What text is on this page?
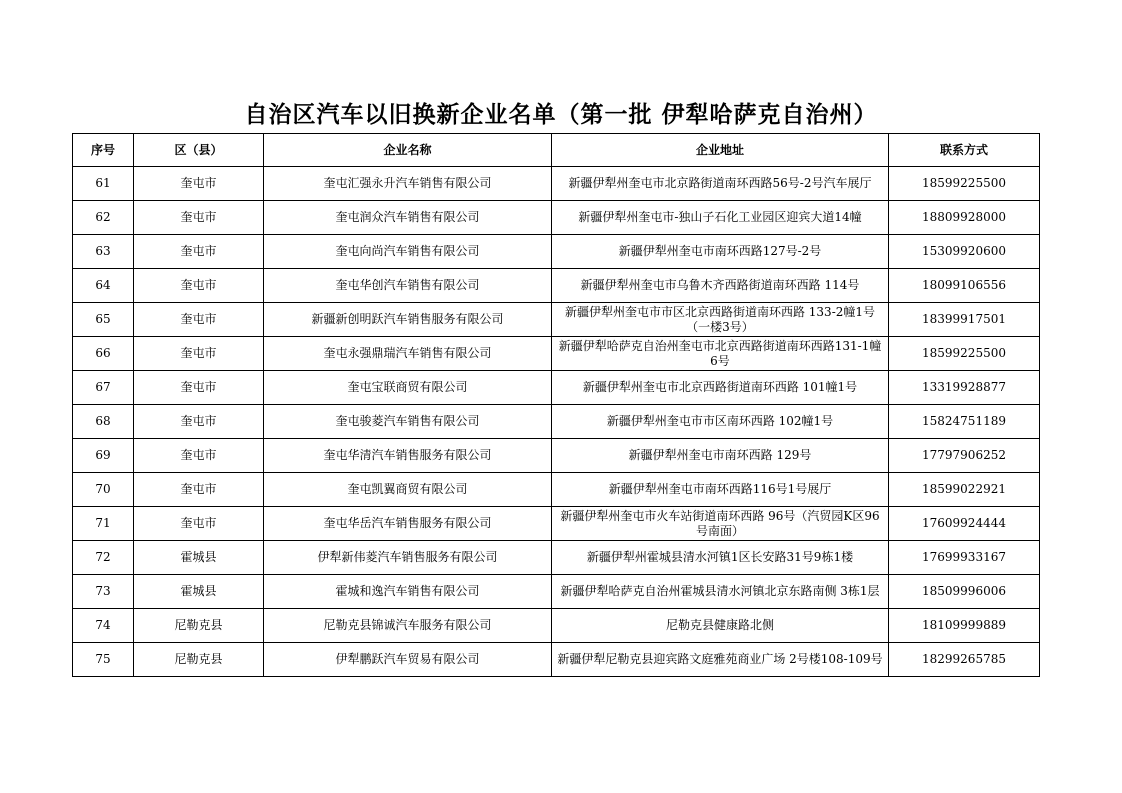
自治区汽车以旧换新企业名单（第一批 伊犁哈萨克自治州）
序号	区（县）	企业名称	企业地址	联系方式
61	奎屯市	奎屯汇强永升汽车销售有限公司	新疆伊犁州奎屯市北京路街道南环西路56号-2号汽车展厅	18599225500
62	奎屯市	奎屯润众汽车销售有限公司	新疆伊犁州奎屯市-独山子石化工业园区迎宾大道14幢	18809928000
63	奎屯市	奎屯向尚汽车销售有限公司	新疆伊犁州奎屯市南环西路127号-2号	15309920600
64	奎屯市	奎屯华创汽车销售有限公司	新疆伊犁州奎屯市乌鲁木齐西路街道南环西路 114号	18099106556
65	奎屯市	新疆新创明跃汽车销售服务有限公司	新疆伊犁州奎屯市市区北京西路街道南环西路 133-2幢1号（一楼3号）	18399917501
66	奎屯市	奎屯永强鼎瑞汽车销售有限公司	新疆伊犁哈萨克自治州奎屯市北京西路街道南环西路131-1幢6号	18599225500
67	奎屯市	奎屯宝联商贸有限公司	新疆伊犁州奎屯市北京西路街道南环西路 101幢1号	13319928877
68	奎屯市	奎屯骏菱汽车销售有限公司	新疆伊犁州奎屯市市区南环西路 102幢1号	15824751189
69	奎屯市	奎屯华清汽车销售服务有限公司	新疆伊犁州奎屯市南环西路 129号	17797906252
70	奎屯市	奎屯凯翼商贸有限公司	新疆伊犁州奎屯市南环西路116号1号展厅	18599022921
71	奎屯市	奎屯华岳汽车销售服务有限公司	新疆伊犁州奎屯市火车站街道南环西路 96号（汽贸园K区96号南面）	17609924444
72	霍城县	伊犁新伟菱汽车销售服务有限公司	新疆伊犁州霍城县清水河镇1区长安路31号9栋1楼	17699933167
73	霍城县	霍城和逸汽车销售有限公司	新疆伊犁哈萨克自治州霍城县清水河镇北京东路南侧 3栋1层	18509996006
74	尼勒克县	尼勒克县锦诚汽车服务有限公司	尼勒克县健康路北侧	18109999889
75	尼勒克县	伊犁鹏跃汽车贸易有限公司	新疆伊犁尼勒克县迎宾路文庭雅苑商业广场 2号楼108-109号	18299265785
